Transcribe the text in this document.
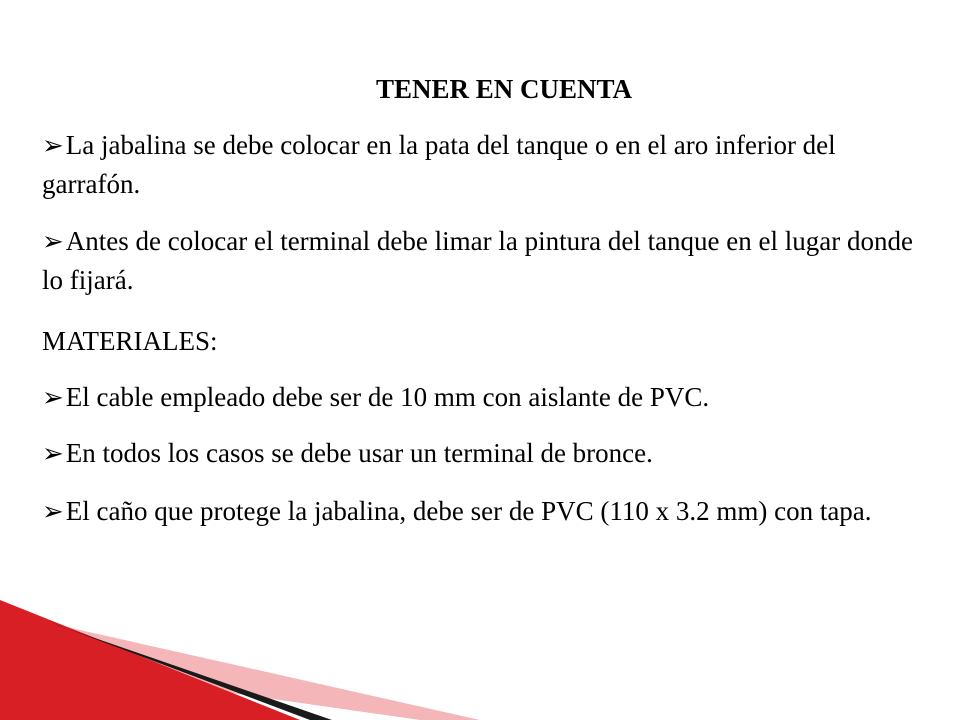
TENER EN CUENTA
➢La jabalina se debe colocar en la pata del tanque o en el aro inferior del garrafón.
➢Antes de colocar el terminal debe limar la pintura del tanque en el lugar donde lo fijará.
MATERIALES:
➢El cable empleado debe ser de 10 mm con aislante de PVC.
➢En todos los casos se debe usar un terminal de bronce.
➢El caño que protege la jabalina, debe ser de PVC (110 x 3.2 mm) con tapa.
